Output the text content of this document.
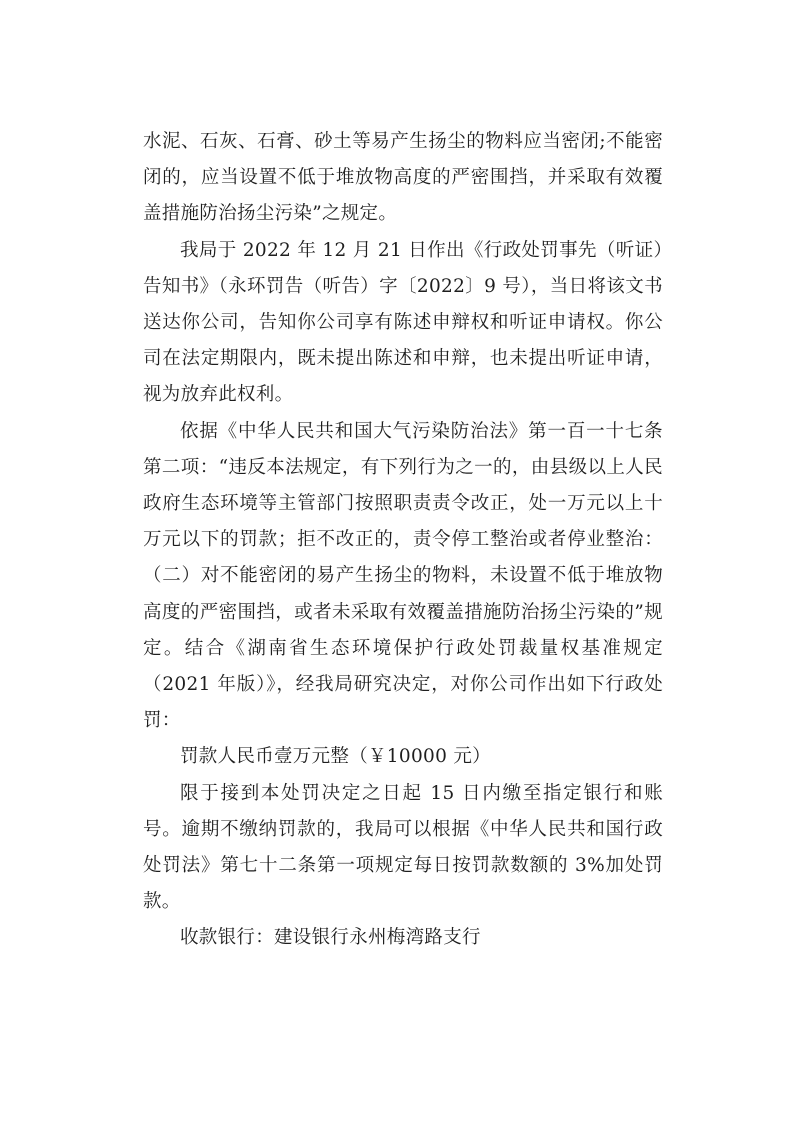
水泥、石灰、石膏、砂土等易产生扬尘的物料应当密闭;不能密闭的，应当设置不低于堆放物高度的严密围挡，并采取有效覆盖措施防治扬尘污染”之规定。

我局于 2022 年 12 月 21 日作出《行政处罚事先（听证）告知书》（永环罚告（听告）字〔2022〕9 号），当日将该文书送达你公司，告知你公司享有陈述申辩权和听证申请权。你公司在法定期限内，既未提出陈述和申辩，也未提出听证申请，视为放弃此权利。

依据《中华人民共和国大气污染防治法》第一百一十七条第二项：“违反本法规定，有下列行为之一的，由县级以上人民政府生态环境等主管部门按照职责责令改正，处一万元以上十万元以下的罚款；拒不改正的，责令停工整治或者停业整治：（二）对不能密闭的易产生扬尘的物料，未设置不低于堆放物高度的严密围挡，或者未采取有效覆盖措施防治扬尘污染的”规定。结合《湖南省生态环境保护行政处罚裁量权基准规定（2021 年版）》，经我局研究决定，对你公司作出如下行政处罚：

罚款人民币壹万元整（￥10000 元）

限于接到本处罚决定之日起 15 日内缴至指定银行和账号。逾期不缴纳罚款的，我局可以根据《中华人民共和国行政处罚法》第七十二条第一项规定每日按罚款数额的 3%加处罚款。

收款银行：建设银行永州梅湾路支行
